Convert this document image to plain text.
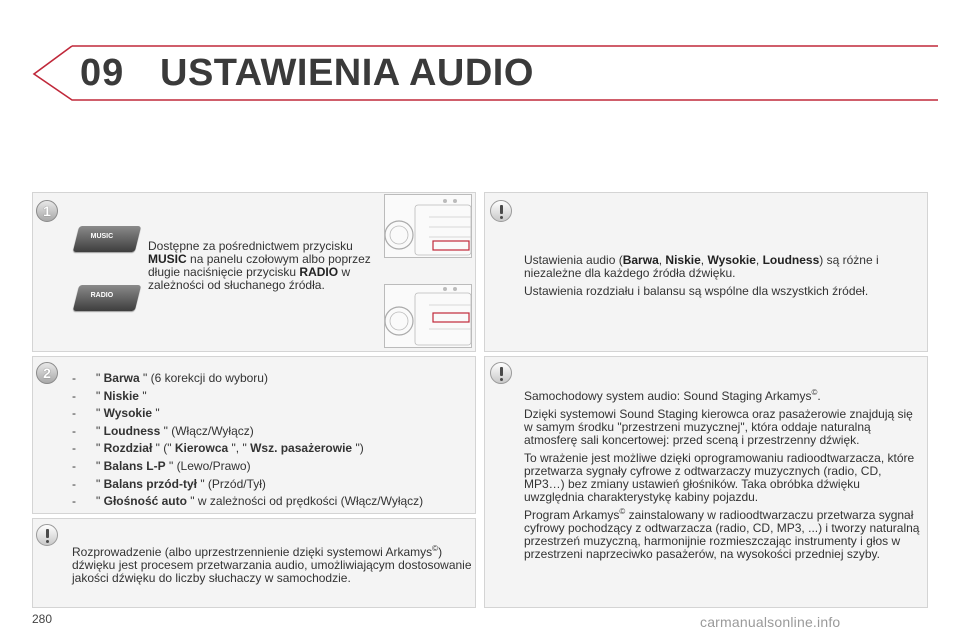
09 USTAWIENIA AUDIO
1
MUSIC
RADIO
Dostępne za pośrednictwem przycisku MUSIC na panelu czołowym albo poprzez długie naciśnięcie przycisku RADIO w zależności od słuchanego źródła.
2	- " Barwa " (6 korekcji do wyboru)
- " Niskie "
- " Wysokie "
- " Loudness " (Włącz/Wyłącz)
- " Rozdział " (" Kierowca ", " Wsz. pasażerowie ")
- " Balans L-P " (Lewo/Prawo)
- " Balans przód-tył " (Przód/Tył)
- " Głośność auto " w zależności od prędkości (Włącz/Wyłącz)
Rozprowadzenie (albo uprzestrzennienie dzięki systemowi Arkamys©) dźwięku jest procesem przetwarzania audio, umożliwiającym dostosowanie jakości dźwięku do liczby słuchaczy w samochodzie.

Ustawienia audio (Barwa, Niskie, Wysokie, Loudness) są różne i niezależne dla każdego źródła dźwięku.

Ustawienia rozdziału i balansu są wspólne dla wszystkich źródeł.

Samochodowy system audio: Sound Staging Arkamys©.

Dzięki systemowi Sound Staging kierowca oraz pasażerowie znajdują się w samym środku "przestrzeni muzycznej", która oddaje naturalną atmosferę sali koncertowej: przed sceną i przestrzenny dźwięk.

To wrażenie jest możliwe dzięki oprogramowaniu radioodtwarzacza, które przetwarza sygnały cyfrowe z odtwarzaczy muzycznych (radio, CD, MP3…) bez zmiany ustawień głośników. Taka obróbka dźwięku uwzględnia charakterystykę kabiny pojazdu.

Program Arkamys© zainstalowany w radioodtwarzaczu przetwarza sygnał cyfrowy pochodzący z odtwarzacza (radio, CD, MP3, ...) i tworzy naturalną przestrzeń muzyczną, harmonijnie rozmieszczając instrumenty i głos w przestrzeni naprzeciwko pasażerów, na wysokości przedniej szyby.

280	carmanualsonline.info
